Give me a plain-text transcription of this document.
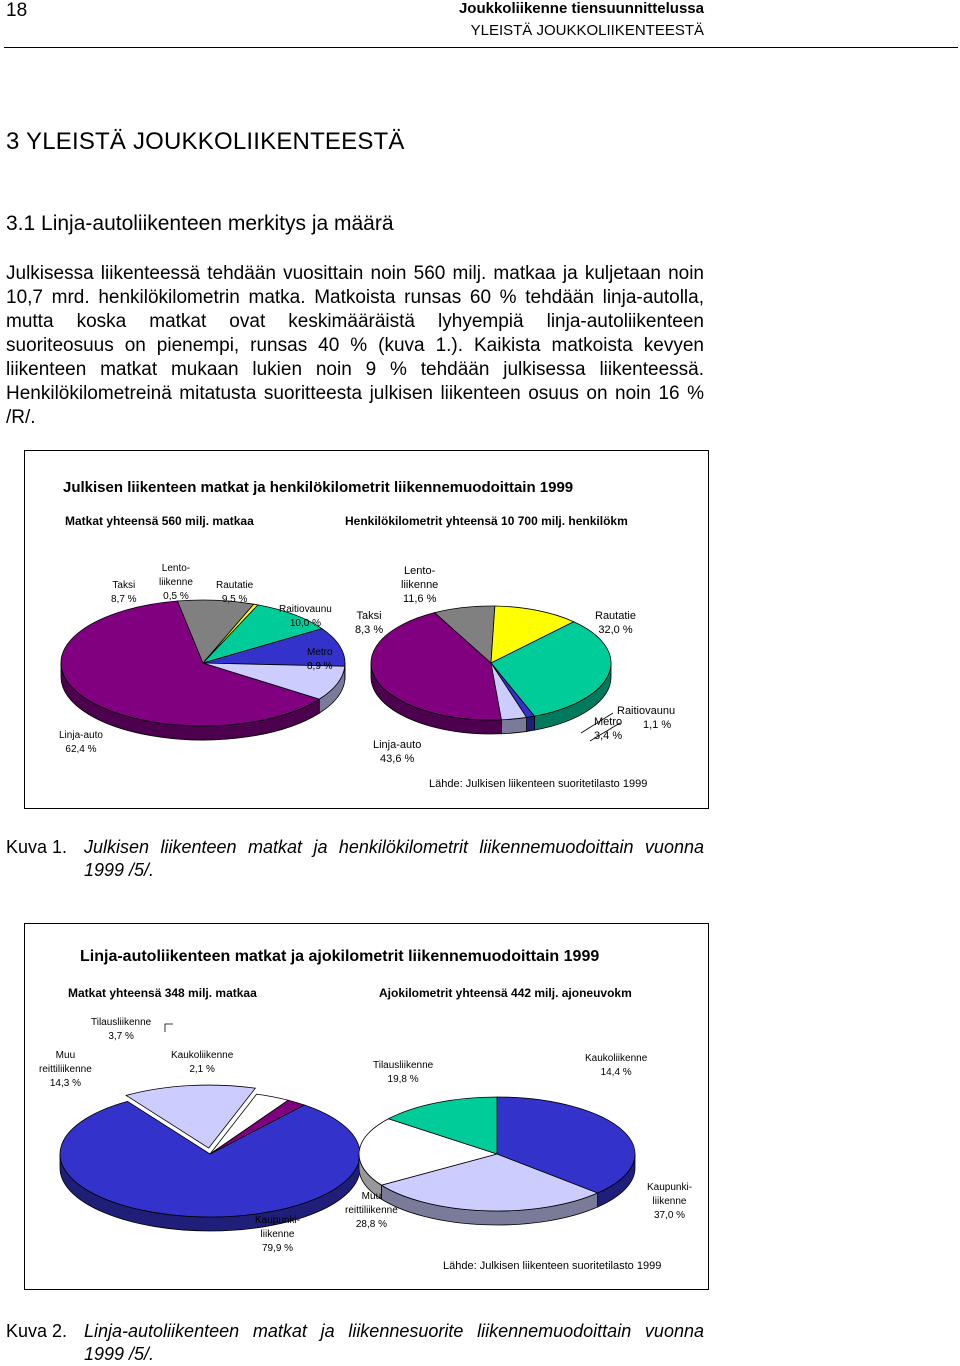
18	Joukkoliikenne tiensuunnittelussa
YLEISTÄ JOUKKOLIIKENTEESTÄ
3 YLEISTÄ JOUKKOLIIKENTEESTÄ
3.1 Linja-autoliikenteen merkitys ja määrä
Julkisessa liikenteessä tehdään vuosittain noin 560 milj. matkaa ja kuljetaan noin 10,7 mrd. henkilökilometrin matka. Matkoista runsas 60 % tehdään linja-autolla, mutta koska matkat ovat keskimääräistä lyhyempiä linja-autoliikenteen suoriteosuus on pienempi, runsas 40 % (kuva 1.). Kaikista matkoista kevyen liikenteen matkat mukaan lukien noin 9 % tehdään julkisessa liikenteessä. Henkilökilometreinä mitatusta suoritteesta julkisen liikenteen osuus on noin 16 % /R/.
Julkisen liikenteen matkat ja henkilökilometrit liikennemuodoittain 1999
Matkat yhteensä 560 milj. matkaa	Henkilökilometrit yhteensä 10 700 milj. henkilökm
Taksi
8,7 %
Lento-
liikenne
0,5 %
Rautatie
9,5 %
Raitiovaunu
10,0 %
Metro
8,9 %
Linja-auto
62,4 %
Lento-
liikenne
11,6 %
Taksi
8,3 %
Rautatie
32,0 %
Raitiovaunu
1,1 %
Metro
3,4 %
Linja-auto
43,6 %
Lähde: Julkisen liikenteen suoritetilasto 1999
Kuva 1. Julkisen liikenteen matkat ja henkilökilometrit liikennemuodoittain vuonna 1999 /5/.
Linja-autoliikenteen matkat ja ajokilometrit liikennemuodoittain 1999
Matkat yhteensä 348 milj. matkaa	Ajokilometrit yhteensä 442 milj. ajoneuvokm
Tilausliikenne
3,7 %
Muu
reittiliikenne
14,3 %
Kaukoliikenne
2,1 %
Kaupunki-
liikenne
79,9 %
Tilausliikenne
19,8 %
Kaukoliikenne
14,4 %
Kaupunki-
liikenne
37,0 %
Muu
reittiliikenne
28,8 %
Lähde: Julkisen liikenteen suoritetilasto 1999
Kuva 2. Linja-autoliikenteen matkat ja liikennesuorite liikennemuodoittain vuonna 1999 /5/.
